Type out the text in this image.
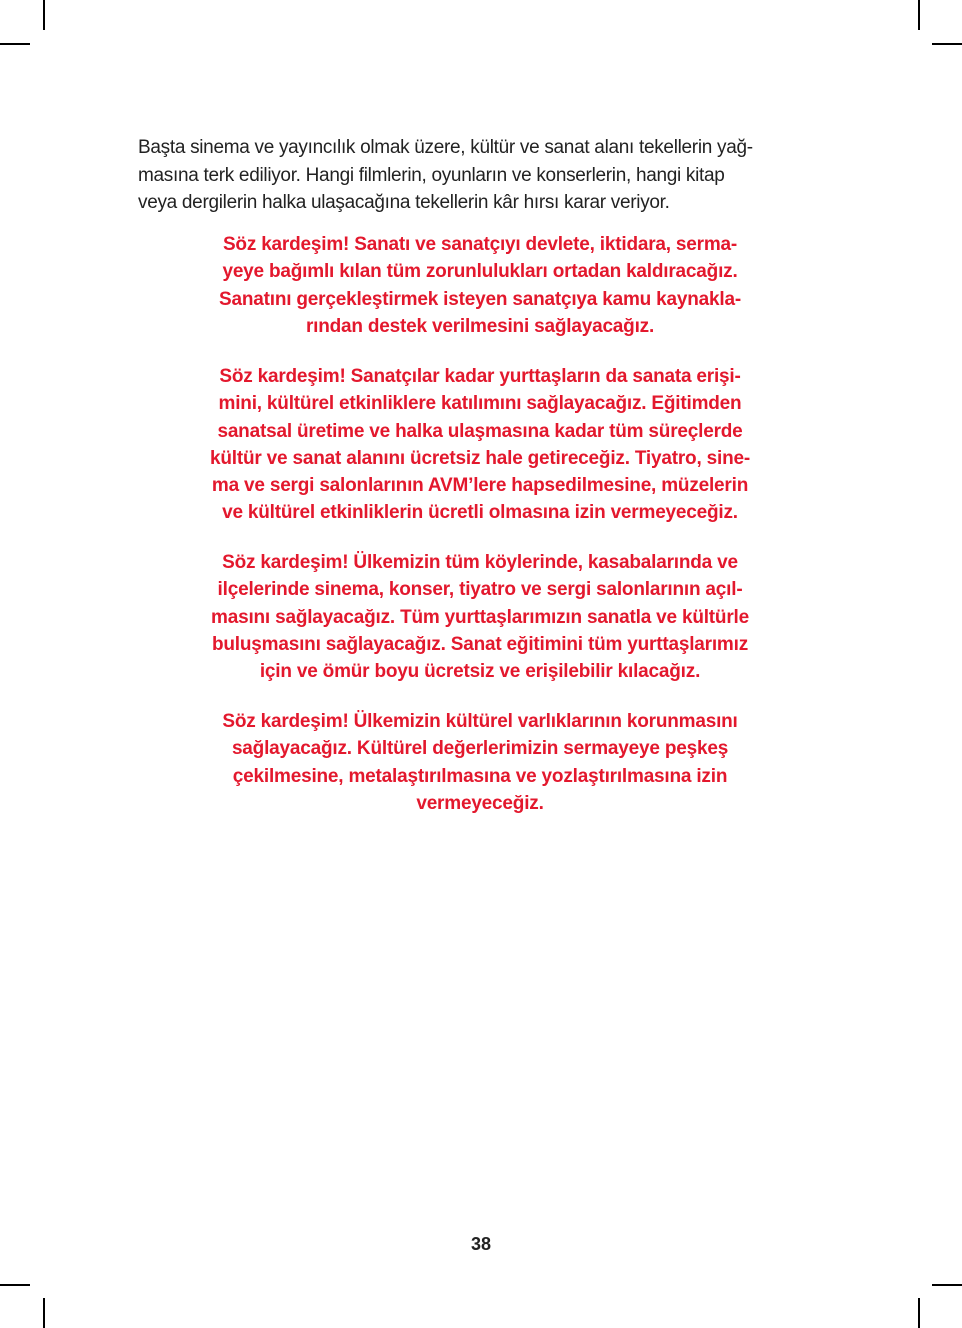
Başta sinema ve yayıncılık olmak üzere, kültür ve sanat alanı tekellerin yağ-
masına terk ediliyor. Hangi filmlerin, oyunların ve konserlerin, hangi kitap
veya dergilerin halka ulaşacağına tekellerin kâr hırsı karar veriyor.
Söz kardeşim! Sanatı ve sanatçıyı devlete, iktidara, serma-
yeye bağımlı kılan tüm zorunlulukları ortadan kaldıracağız.
Sanatını gerçekleştirmek isteyen sanatçıya kamu kaynakla-
rından destek verilmesini sağlayacağız.
Söz kardeşim! Sanatçılar kadar yurttaşların da sanata erişi-
mini, kültürel etkinliklere katılımını sağlayacağız. Eğitimden
sanatsal üretime ve halka ulaşmasına kadar tüm süreçlerde
kültür ve sanat alanını ücretsiz hale getireceğiz. Tiyatro, sine-
ma ve sergi salonlarının AVM’lere hapsedilmesine, müzelerin
ve kültürel etkinliklerin ücretli olmasına izin vermeyeceğiz.
Söz kardeşim! Ülkemizin tüm köylerinde, kasabalarında ve
ilçelerinde sinema, konser, tiyatro ve sergi salonlarının açıl-
masını sağlayacağız. Tüm yurttaşlarımızın sanatla ve kültürle
buluşmasını sağlayacağız. Sanat eğitimini tüm yurttaşlarımız
için ve ömür boyu ücretsiz ve erişilebilir kılacağız.
Söz kardeşim! Ülkemizin kültürel varlıklarının korunmasını
sağlayacağız. Kültürel değerlerimizin sermayeye peşkeş
çekilmesine, metalaştırılmasına ve yozlaştırılmasına izin
vermeyeceğiz.
38
